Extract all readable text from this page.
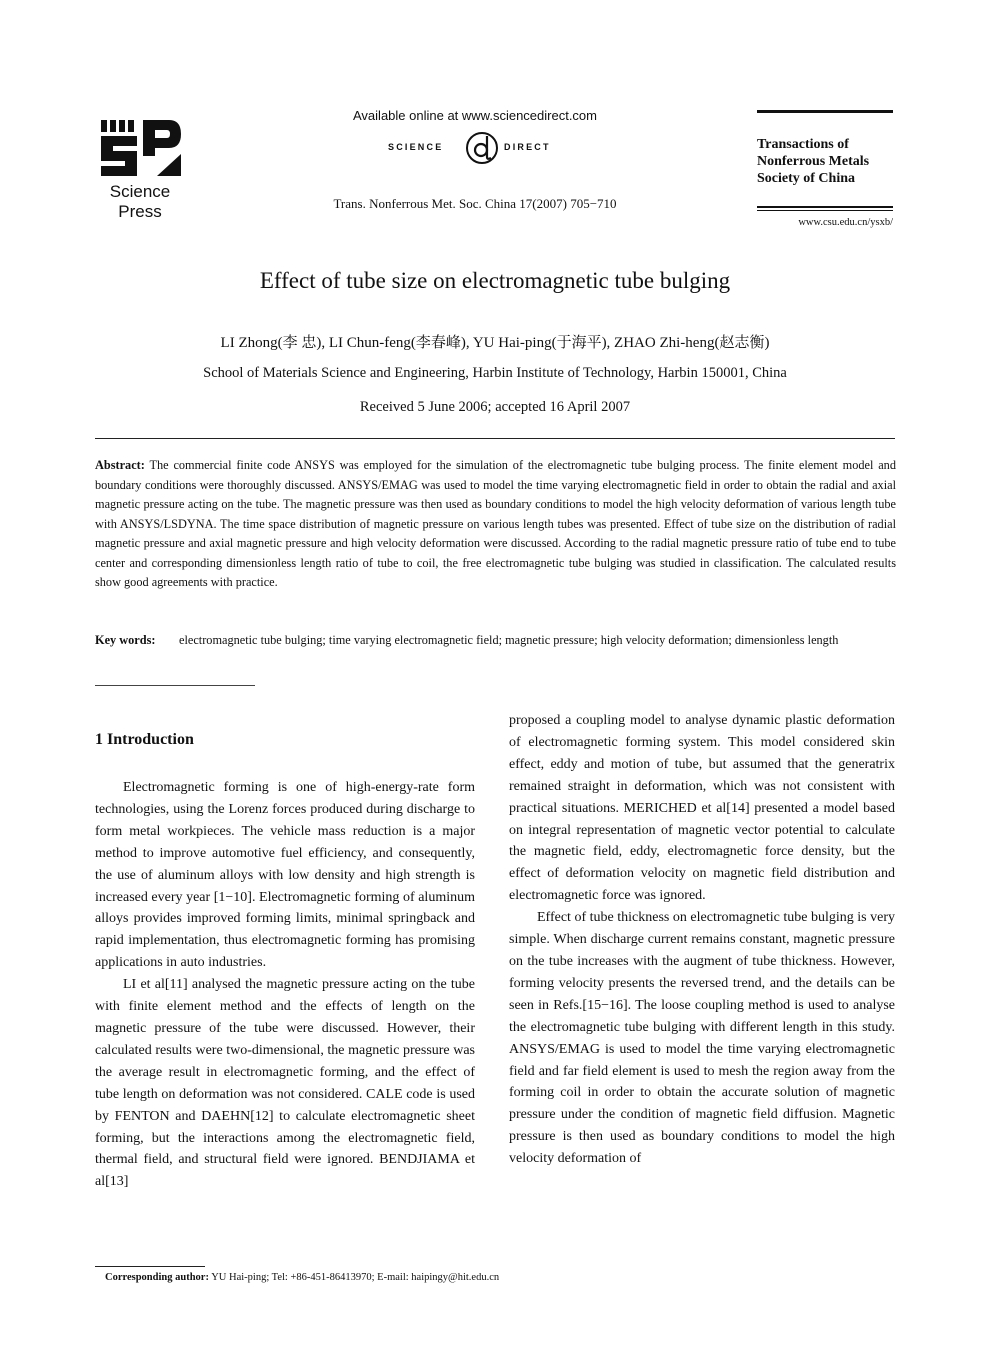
Science
Press
Available online at www.sciencedirect.com
SCIENCE	DIRECT
Trans. Nonferrous Met. Soc. China 17(2007) 705−710
Transactions of
Nonferrous Metals
Society of China
www.csu.edu.cn/ysxb/
Effect of tube size on electromagnetic tube bulging
LI Zhong(李 忠), LI Chun-feng(李春峰), YU Hai-ping(于海平), ZHAO Zhi-heng(赵志衡)
School of Materials Science and Engineering, Harbin Institute of Technology, Harbin 150001, China
Received 5 June 2006; accepted 16 April 2007
Abstract: The commercial finite code ANSYS was employed for the simulation of the electromagnetic tube bulging process. The finite element model and boundary conditions were thoroughly discussed. ANSYS/EMAG was used to model the time varying electromagnetic field in order to obtain the radial and axial magnetic pressure acting on the tube. The magnetic pressure was then used as boundary conditions to model the high velocity deformation of various length tube with ANSYS/LSDYNA. The time space distribution of magnetic pressure on various length tubes was presented. Effect of tube size on the distribution of radial magnetic pressure and axial magnetic pressure and high velocity deformation were discussed. According to the radial magnetic pressure ratio of tube end to tube center and corresponding dimensionless length ratio of tube to coil, the free electromagnetic tube bulging was studied in classification. The calculated results show good agreements with practice.
Key words: electromagnetic tube bulging; time varying electromagnetic field; magnetic pressure; high velocity deformation; dimensionless length
1 Introduction

Electromagnetic forming is one of high-energy-rate form technologies, using the Lorenz forces produced during discharge to form metal workpieces. The vehicle mass reduction is a major method to improve automotive fuel efficiency, and consequently, the use of aluminum alloys with low density and high strength is increased every year [1−10]. Electromagnetic forming of aluminum alloys provides improved forming limits, minimal springback and rapid implementation, thus electromagnetic forming has promising applications in auto industries.

LI et al[11] analysed the magnetic pressure acting on the tube with finite element method and the effects of length on the magnetic pressure of the tube were discussed. However, their calculated results were two-dimensional, the magnetic pressure was the average result in electromagnetic forming, and the effect of tube length on deformation was not considered. CALE code is used by FENTON and DAEHN[12] to calculate electromagnetic sheet forming, but the interactions among the electromagnetic field, thermal field, and structural field were ignored. BENDJIAMA et al[13]

proposed a coupling model to analyse dynamic plastic deformation of electromagnetic forming system. This model considered skin effect, eddy and motion of tube, but assumed that the generatrix remained straight in deformation, which was not consistent with practical situations. MERICHED et al[14] presented a model based on integral representation of magnetic vector potential to calculate the magnetic field, eddy, electromagnetic force density, but the effect of deformation velocity on magnetic field distribution and electromagnetic force was ignored.

Effect of tube thickness on electromagnetic tube bulging is very simple. When discharge current remains constant, magnetic pressure on the tube increases with the augment of tube thickness. However, forming velocity presents the reversed trend, and the details can be seen in Refs.[15−16]. The loose coupling method is used to analyse the electromagnetic tube bulging with different length in this study. ANSYS/EMAG is used to model the time varying electromagnetic field and far field element is used to mesh the region away from the forming coil in order to obtain the accurate solution of magnetic pressure under the condition of magnetic field diffusion. Magnetic pressure is then used as boundary conditions to model the high velocity deformation of

Corresponding author: YU Hai-ping; Tel: +86-451-86413970; E-mail: haipingy@hit.edu.cn
